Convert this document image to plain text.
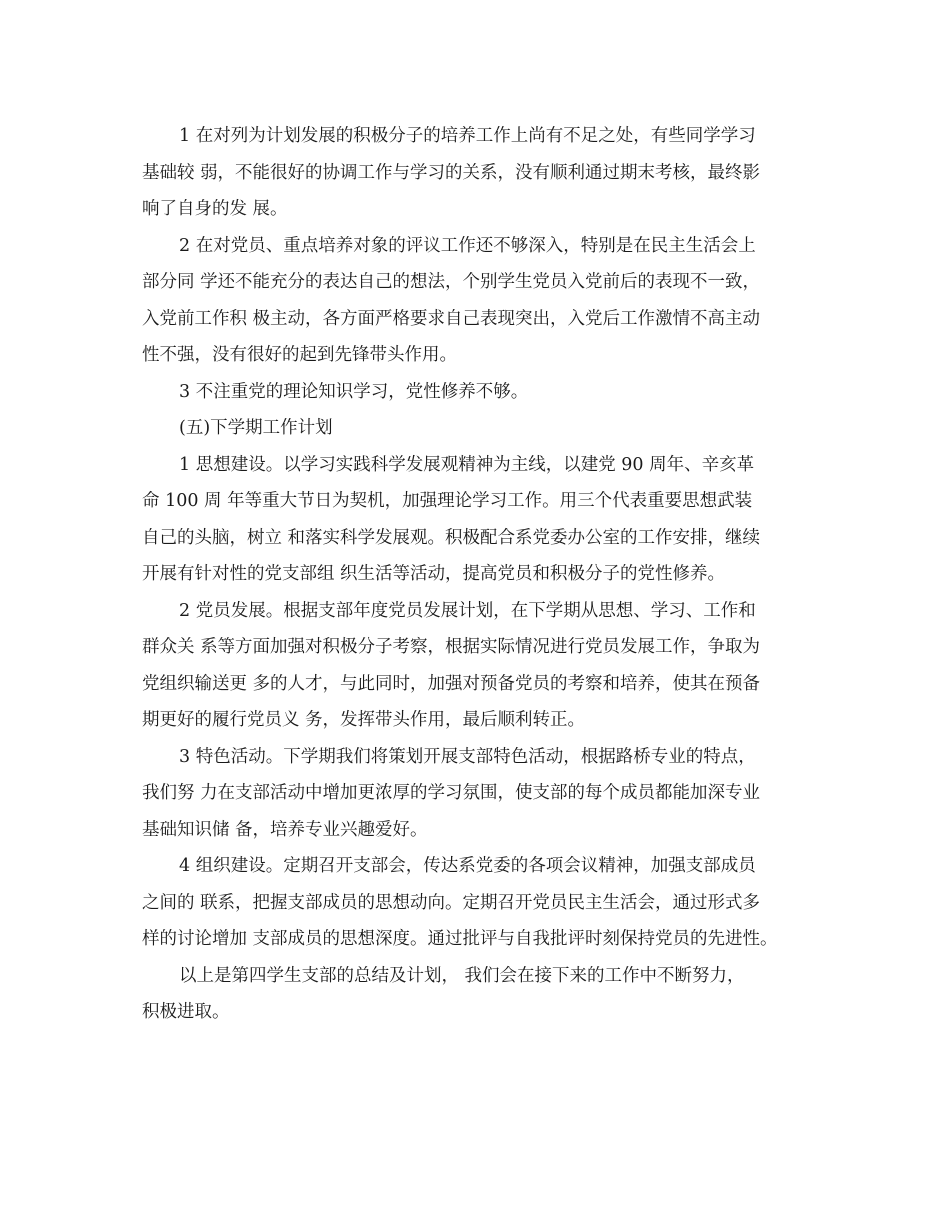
1 在对列为计划发展的积极分子的培养工作上尚有不足之处，有些同学学习
基础较 弱，不能很好的协调工作与学习的关系，没有顺利通过期末考核，最终影
响了自身的发 展。
2 在对党员、重点培养对象的评议工作还不够深入，特别是在民主生活会上
部分同 学还不能充分的表达自己的想法，个别学生党员入党前后的表现不一致，
入党前工作积 极主动，各方面严格要求自己表现突出，入党后工作激情不高主动
性不强，没有很好的起到先锋带头作用。
3 不注重党的理论知识学习，党性修养不够。
(五)下学期工作计划
1 思想建设。以学习实践科学发展观精神为主线，以建党 90 周年、辛亥革
命 100 周 年等重大节日为契机，加强理论学习工作。用三个代表重要思想武装
自己的头脑，树立 和落实科学发展观。积极配合系党委办公室的工作安排，继续
开展有针对性的党支部组 织生活等活动，提高党员和积极分子的党性修养。
2 党员发展。根据支部年度党员发展计划，在下学期从思想、学习、工作和
群众关 系等方面加强对积极分子考察，根据实际情况进行党员发展工作，争取为
党组织输送更 多的人才，与此同时，加强对预备党员的考察和培养，使其在预备
期更好的履行党员义 务，发挥带头作用，最后顺利转正。
3 特色活动。下学期我们将策划开展支部特色活动，根据路桥专业的特点，
我们努 力在支部活动中增加更浓厚的学习氛围，使支部的每个成员都能加深专业
基础知识储 备，培养专业兴趣爱好。
4 组织建设。定期召开支部会，传达系党委的各项会议精神，加强支部成员
之间的 联系，把握支部成员的思想动向。定期召开党员民主生活会，通过形式多
样的讨论增加 支部成员的思想深度。通过批评与自我批评时刻保持党员的先进性。
以上是第四学生支部的总结及计划， 我们会在接下来的工作中不断努力，
积极进取。
